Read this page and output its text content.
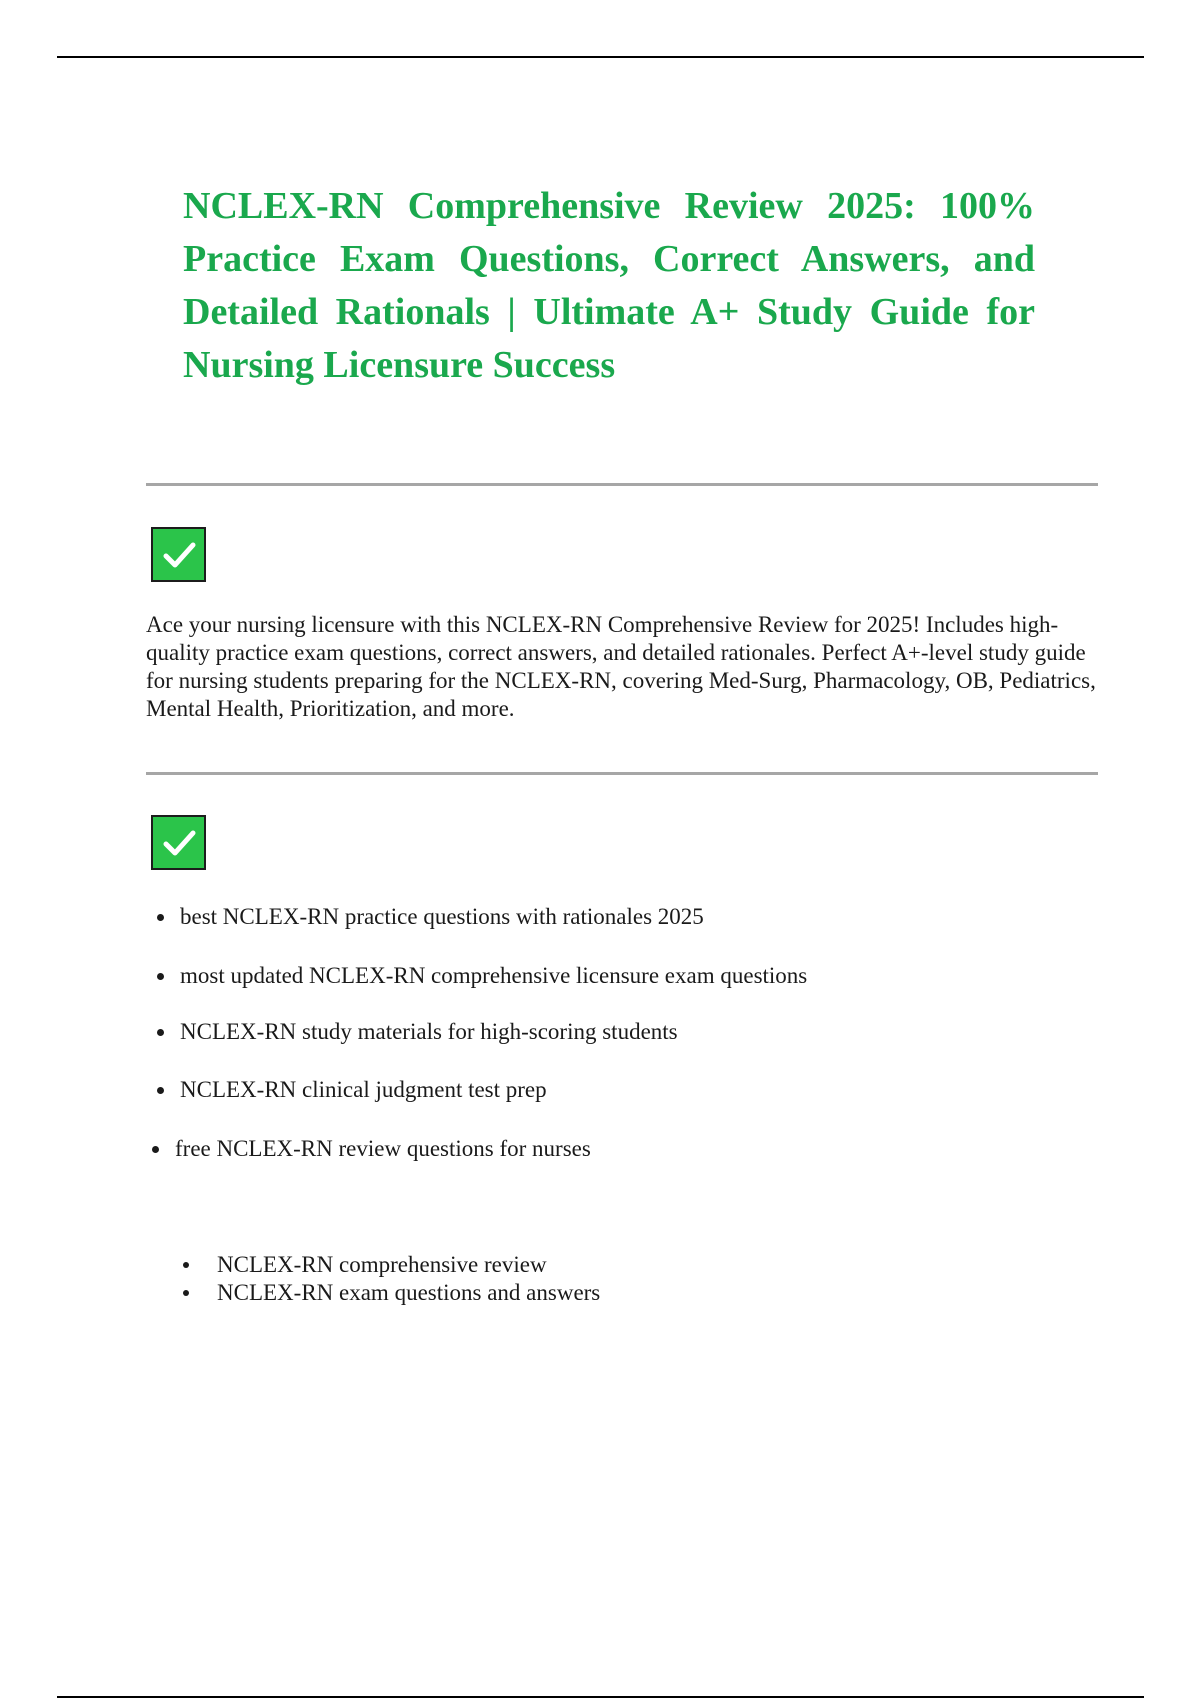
NCLEX-RN Comprehensive Review 2025: 100% Practice Exam Questions, Correct Answers, and Detailed Rationals | Ultimate A+ Study Guide for Nursing Licensure Success

Ace your nursing licensure with this NCLEX-RN Comprehensive Review for 2025! Includes high-quality practice exam questions, correct answers, and detailed rationales. Perfect A+-level study guide for nursing students preparing for the NCLEX-RN, covering Med-Surg, Pharmacology, OB, Pediatrics, Mental Health, Prioritization, and more.

best NCLEX-RN practice questions with rationales 2025
most updated NCLEX-RN comprehensive licensure exam questions
NCLEX-RN study materials for high-scoring students
NCLEX-RN clinical judgment test prep
free NCLEX-RN review questions for nurses
NCLEX-RN comprehensive review
NCLEX-RN exam questions and answers
